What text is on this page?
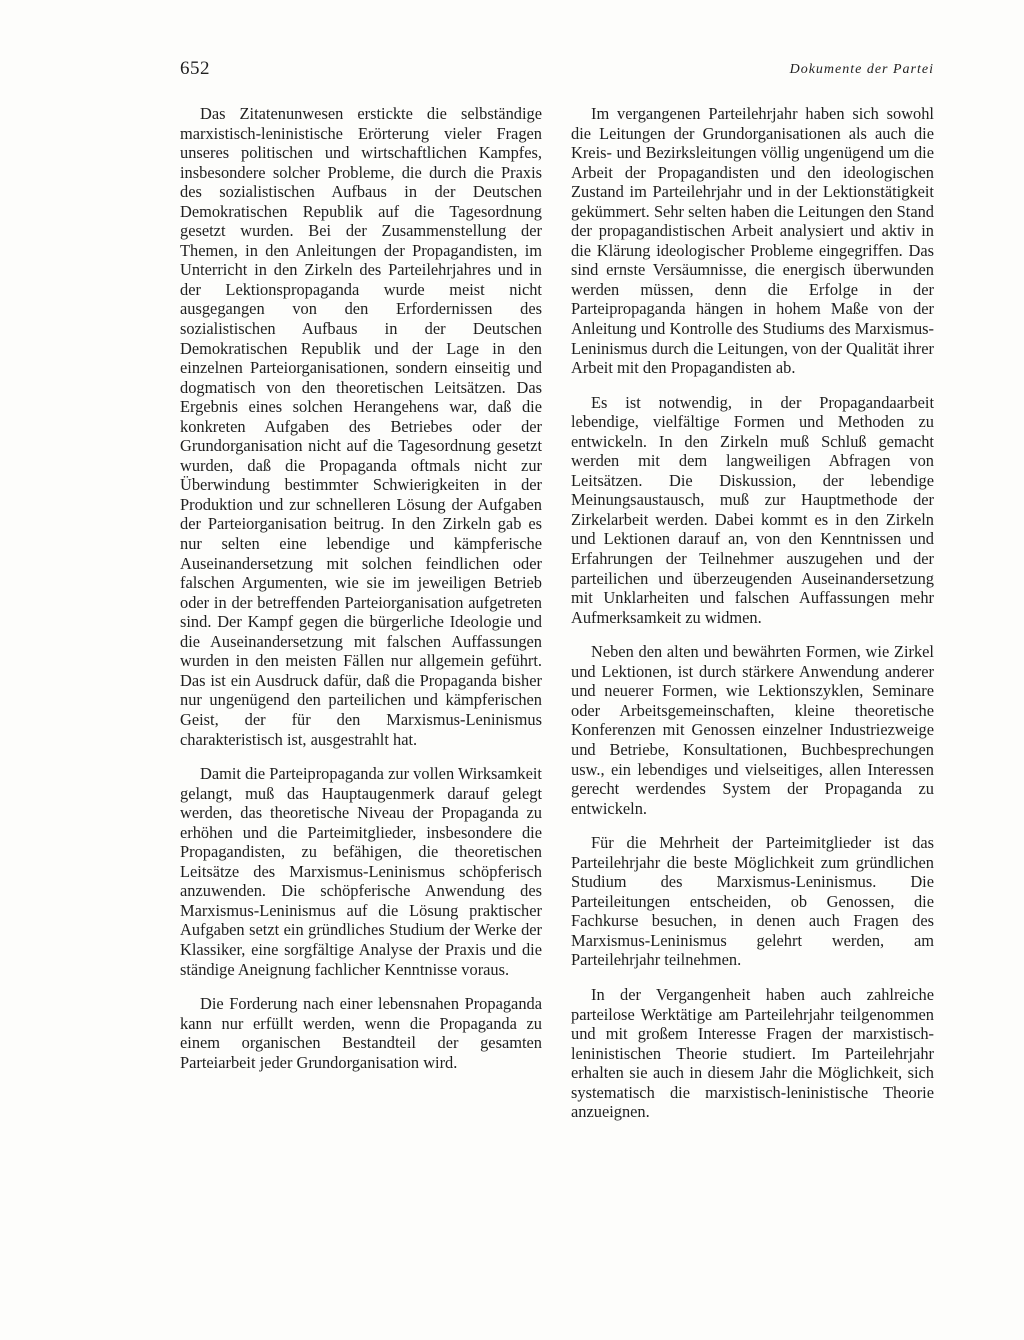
652	Dokumente der Partei

Das Zitatenunwesen erstickte die selbständige marxistisch-leninistische Erörterung vieler Fragen unseres politischen und wirtschaftlichen Kampfes, insbesondere solcher Probleme, die durch die Praxis des sozialistischen Aufbaus in der Deutschen Demokratischen Republik auf die Tagesordnung gesetzt wurden. Bei der Zusammenstellung der Themen, in den Anleitungen der Propagandisten, im Unterricht in den Zirkeln des Parteilehrjahres und in der Lektionspropaganda wurde meist nicht ausgegangen von den Erfordernissen des sozialistischen Aufbaus in der Deutschen Demokratischen Republik und der Lage in den einzelnen Parteiorganisationen, sondern einseitig und dogmatisch von den theoretischen Leitsätzen. Das Ergebnis eines solchen Herangehens war, daß die konkreten Aufgaben des Betriebes oder der Grundorganisation nicht auf die Tagesordnung gesetzt wurden, daß die Propaganda oftmals nicht zur Überwindung bestimmter Schwierigkeiten in der Produktion und zur schnelleren Lösung der Aufgaben der Parteiorganisation beitrug. In den Zirkeln gab es nur selten eine lebendige und kämpferische Auseinandersetzung mit solchen feindlichen oder falschen Argumenten, wie sie im jeweiligen Betrieb oder in der betreffenden Parteiorganisation aufgetreten sind. Der Kampf gegen die bürgerliche Ideologie und die Auseinandersetzung mit falschen Auffassungen wurden in den meisten Fällen nur allgemein geführt. Das ist ein Ausdruck dafür, daß die Propaganda bisher nur ungenügend den parteilichen und kämpferischen Geist, der für den Marxismus-Leninismus charakteristisch ist, ausgestrahlt hat.

Damit die Parteipropaganda zur vollen Wirksamkeit gelangt, muß das Hauptaugenmerk darauf gelegt werden, das theoretische Niveau der Propaganda zu erhöhen und die Parteimitglieder, insbesondere die Propagandisten, zu befähigen, die theoretischen Leitsätze des Marxismus-Leninismus schöpferisch anzuwenden. Die schöpferische Anwendung des Marxismus-Leninismus auf die Lösung praktischer Aufgaben setzt ein gründliches Studium der Werke der Klassiker, eine sorgfältige Analyse der Praxis und die ständige Aneignung fachlicher Kenntnisse voraus.

Die Forderung nach einer lebensnahen Propaganda kann nur erfüllt werden, wenn die Propaganda zu einem organischen Bestandteil der gesamten Parteiarbeit jeder Grundorganisation wird.

Im vergangenen Parteilehrjahr haben sich sowohl die Leitungen der Grundorganisationen als auch die Kreis- und Bezirksleitungen völlig ungenügend um die Arbeit der Propagandisten und den ideologischen Zustand im Parteilehrjahr und in der Lektionstätigkeit gekümmert. Sehr selten haben die Leitungen den Stand der propagandistischen Arbeit analysiert und aktiv in die Klärung ideologischer Probleme eingegriffen. Das sind ernste Versäumnisse, die energisch überwunden werden müssen, denn die Erfolge in der Parteipropaganda hängen in hohem Maße von der Anleitung und Kontrolle des Studiums des Marxismus-Leninismus durch die Leitungen, von der Qualität ihrer Arbeit mit den Propagandisten ab.

Es ist notwendig, in der Propagandaarbeit lebendige, vielfältige Formen und Methoden zu entwickeln. In den Zirkeln muß Schluß gemacht werden mit dem langweiligen Abfragen von Leitsätzen. Die Diskussion, der lebendige Meinungsaustausch, muß zur Hauptmethode der Zirkelarbeit werden. Dabei kommt es in den Zirkeln und Lektionen darauf an, von den Kenntnissen und Erfahrungen der Teilnehmer auszugehen und der parteilichen und überzeugenden Auseinandersetzung mit Unklarheiten und falschen Auffassungen mehr Aufmerksamkeit zu widmen.

Neben den alten und bewährten Formen, wie Zirkel und Lektionen, ist durch stärkere Anwendung anderer und neuerer Formen, wie Lektionszyklen, Seminare oder Arbeitsgemeinschaften, kleine theoretische Konferenzen mit Genossen einzelner Industriezweige und Betriebe, Konsultationen, Buchbesprechungen usw., ein lebendiges und vielseitiges, allen Interessen gerecht werdendes System der Propaganda zu entwickeln.

Für die Mehrheit der Parteimitglieder ist das Parteilehrjahr die beste Möglichkeit zum gründlichen Studium des Marxismus-Leninismus. Die Parteileitungen entscheiden, ob Genossen, die Fachkurse besuchen, in denen auch Fragen des Marxismus-Leninismus gelehrt werden, am Parteilehrjahr teilnehmen.

In der Vergangenheit haben auch zahlreiche parteilose Werktätige am Parteilehrjahr teilgenommen und mit großem Interesse Fragen der marxistisch-leninistischen Theorie studiert. Im Parteilehrjahr erhalten sie auch in diesem Jahr die Möglichkeit, sich systematisch die marxistisch-leninistische Theorie anzueignen.
